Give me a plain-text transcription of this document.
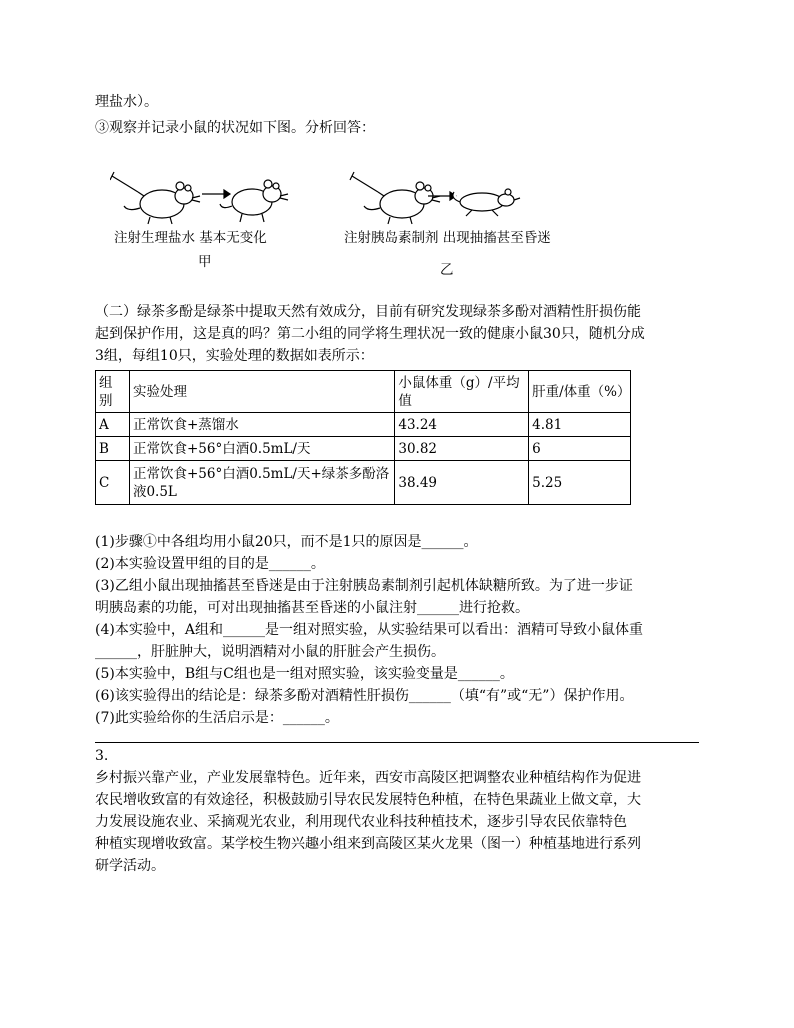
理盐水）。
③观察并记录小鼠的状况如下图。分析回答：
注射生理盐水 基本无变化
甲
注射胰岛素制剂 出现抽搐甚至昏迷
乙
（二）绿茶多酚是绿茶中提取天然有效成分，目前有研究发现绿茶多酚对酒精性肝损伤能
起到保护作用，这是真的吗？第二小组的同学将生理状况一致的健康小鼠30只，随机分成
3组，每组10只，实验处理的数据如表所示：
组别	实验处理	小鼠体重（g）/平均值	肝重/体重（%）
A	正常饮食+蒸馏水	43.24	4.81
B	正常饮食+56°白酒0.5mL/天	30.82	6
C	正常饮食+56°白酒0.5mL/天+绿茶多酚洛液0.5L	38.49	5.25
(1)步骤①中各组均用小鼠20只，而不是1只的原因是______。
(2)本实验设置甲组的目的是______。
(3)乙组小鼠出现抽搐甚至昏迷是由于注射胰岛素制剂引起机体缺糖所致。为了进一步证
明胰岛素的功能，可对出现抽搐甚至昏迷的小鼠注射______进行抢救。
(4)本实验中，A组和______是一组对照实验，从实验结果可以看出：酒精可导致小鼠体重
______，肝脏肿大，说明酒精对小鼠的肝脏会产生损伤。
(5)本实验中，B组与C组也是一组对照实验，该实验变量是______。
(6)该实验得出的结论是：绿茶多酚对酒精性肝损伤______（填“有”或“无”）保护作用。
(7)此实验给你的生活启示是：______。
3.
乡村振兴靠产业，产业发展靠特色。近年来，西安市高陵区把调整农业种植结构作为促进
农民增收致富的有效途径，积极鼓励引导农民发展特色种植，在特色果蔬业上做文章，大
力发展设施农业、采摘观光农业，利用现代农业科技种植技术，逐步引导农民依靠特色
种植实现增收致富。某学校生物兴趣小组来到高陵区某火龙果（图一）种植基地进行系列
研学活动。
